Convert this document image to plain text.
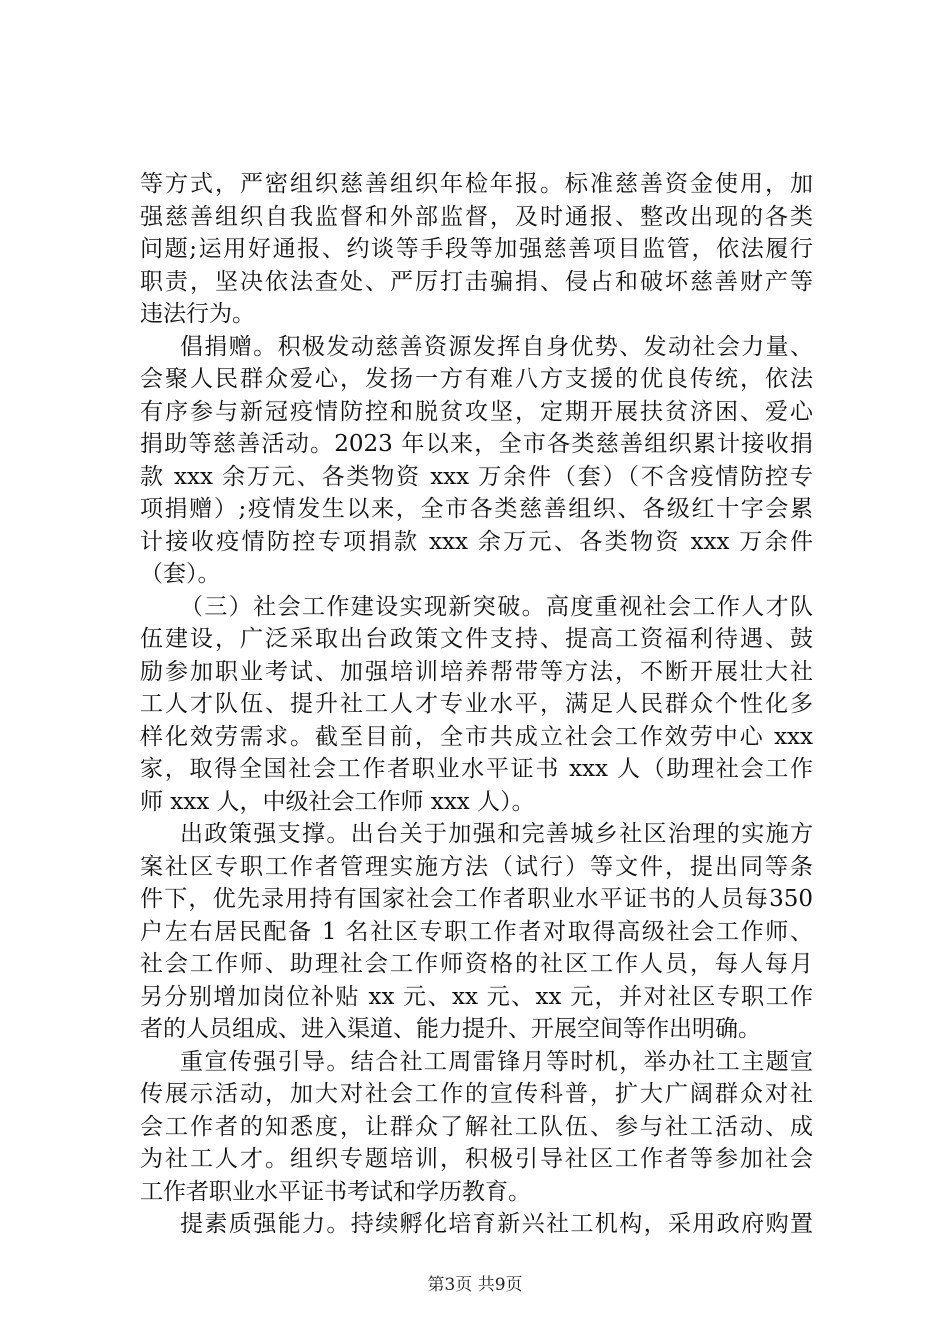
等方式，严密组织慈善组织年检年报。标准慈善资金使用，加
强慈善组织自我监督和外部监督，及时通报、整改出现的各类
问题;运用好通报、约谈等手段等加强慈善项目监管，依法履行
职责，坚决依法查处、严厉打击骗捐、侵占和破坏慈善财产等
违法行为。
倡捐赠。积极发动慈善资源发挥自身优势、发动社会力量、
会聚人民群众爱心，发扬一方有难八方支援的优良传统，依法
有序参与新冠疫情防控和脱贫攻坚，定期开展扶贫济困、爱心
捐助等慈善活动。2023 年以来，全市各类慈善组织累计接收捐
款 xxx 余万元、各类物资 xxx 万余件（套）（不含疫情防控专
项捐赠）;疫情发生以来，全市各类慈善组织、各级红十字会累
计接收疫情防控专项捐款 xxx 余万元、各类物资 xxx 万余件
（套）。
（三）社会工作建设实现新突破。高度重视社会工作人才队
伍建设，广泛采取出台政策文件支持、提高工资福利待遇、鼓
励参加职业考试、加强培训培养帮带等方法，不断开展壮大社
工人才队伍、提升社工人才专业水平，满足人民群众个性化多
样化效劳需求。截至目前，全市共成立社会工作效劳中心 xxx
家，取得全国社会工作者职业水平证书 xxx 人（助理社会工作
师 xxx 人，中级社会工作师 xxx 人）。
出政策强支撑。出台关于加强和完善城乡社区治理的实施方
案社区专职工作者管理实施方法（试行）等文件，提出同等条
件下，优先录用持有国家社会工作者职业水平证书的人员每350
户左右居民配备 1 名社区专职工作者对取得高级社会工作师、
社会工作师、助理社会工作师资格的社区工作人员，每人每月
另分别增加岗位补贴 xx 元、xx 元、xx 元，并对社区专职工作
者的人员组成、进入渠道、能力提升、开展空间等作出明确。
重宣传强引导。结合社工周雷锋月等时机，举办社工主题宣
传展示活动，加大对社会工作的宣传科普，扩大广阔群众对社
会工作者的知悉度，让群众了解社工队伍、参与社工活动、成
为社工人才。组织专题培训，积极引导社区工作者等参加社会
工作者职业水平证书考试和学历教育。
提素质强能力。持续孵化培育新兴社工机构，采用政府购置
第3页 共9页
